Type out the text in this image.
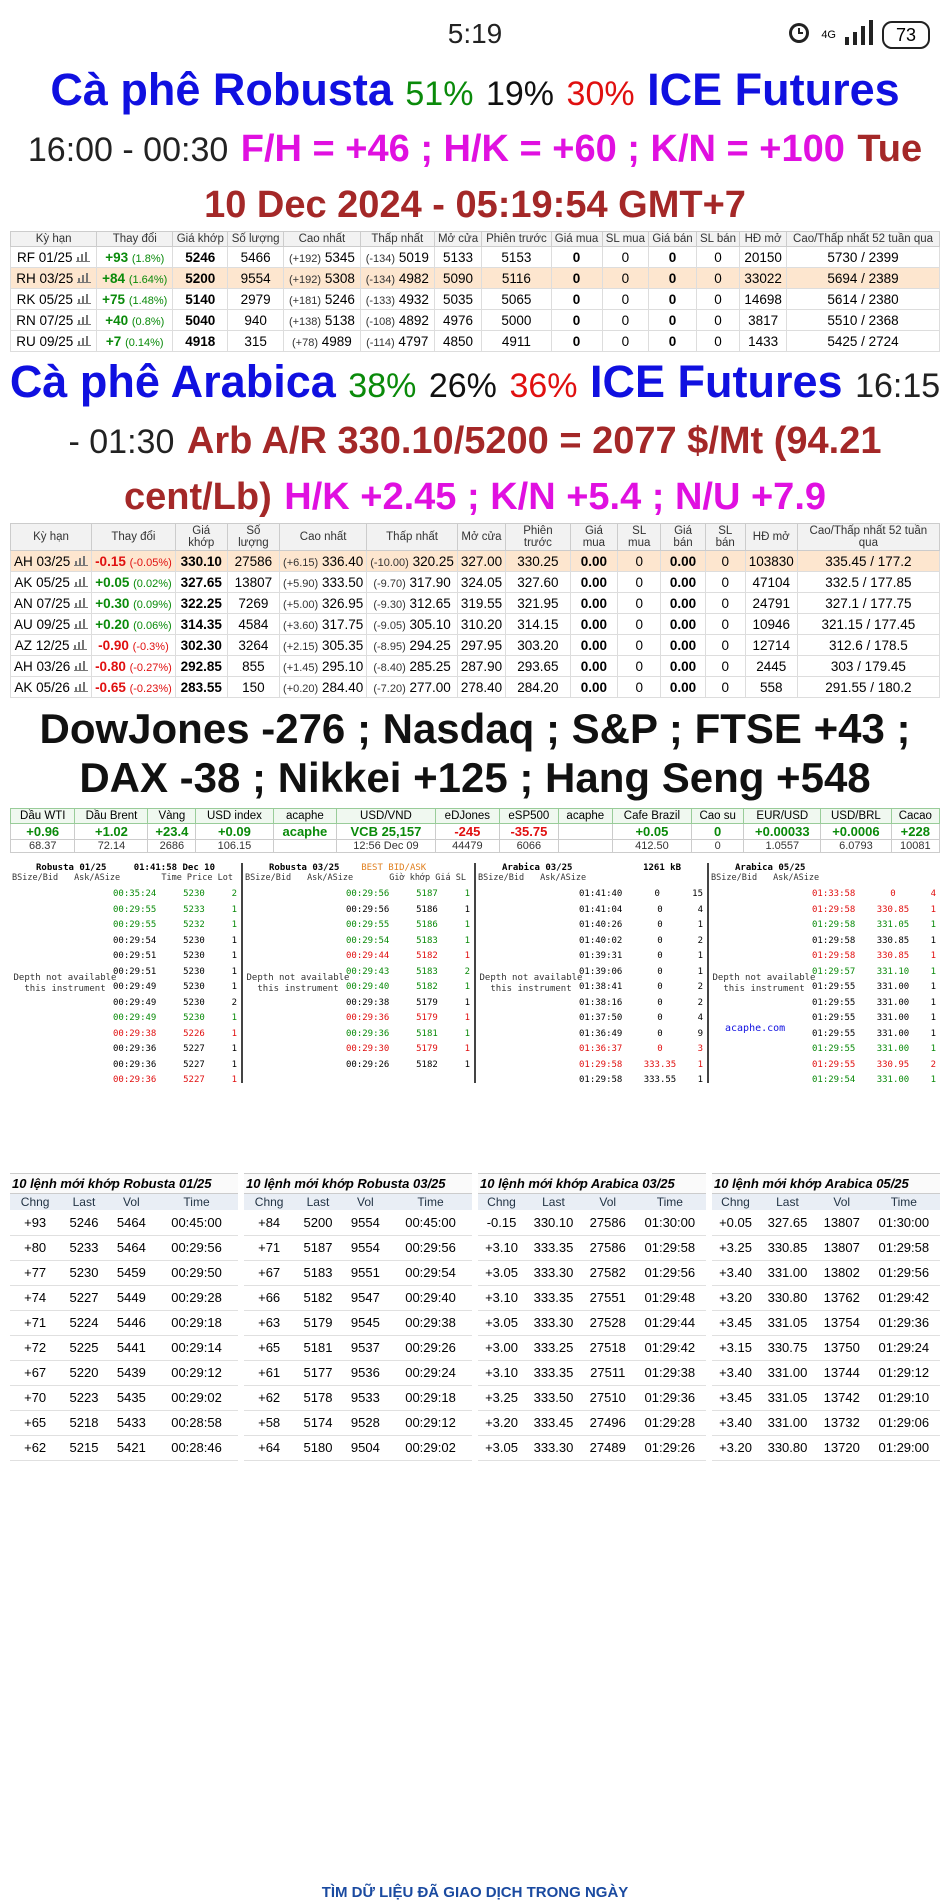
5:19	4G	73
Cà phê Robusta 51% 19% 30% ICE Futures 16:00 - 00:30 F/H = +46 ; H/K = +60 ; K/N = +100 Tue 10 Dec 2024 - 05:19:54 GMT+7
Kỳ hạn	Thay đổi	Giá khớp	Số lượng	Cao nhất	Thấp nhất	Mở cửa	Phiên trước	Giá mua	SL mua	Giá bán	SL bán	HĐ mở	Cao/Thấp nhất 52 tuần qua
RF 01/25	+93 (1.8%)	5246	5466	(+192) 5345	(-134) 5019	5133	5153	0	0	0	0	20150	5730 / 2399
RH 03/25	+84 (1.64%)	5200	9554	(+192) 5308	(-134) 4982	5090	5116	0	0	0	0	33022	5694 / 2389
RK 05/25	+75 (1.48%)	5140	2979	(+181) 5246	(-133) 4932	5035	5065	0	0	0	0	14698	5614 / 2380
RN 07/25	+40 (0.8%)	5040	940	(+138) 5138	(-108) 4892	4976	5000	0	0	0	0	3817	5510 / 2368
RU 09/25	+7 (0.14%)	4918	315	(+78) 4989	(-114) 4797	4850	4911	0	0	0	0	1433	5425 / 2724
Cà phê Arabica 38% 26% 36% ICE Futures 16:15 - 01:30 Arb A/R 330.10/5200 = 2077 $/Mt (94.21 cent/Lb) H/K +2.45 ; K/N +5.4 ; N/U +7.9
Kỳ hạn	Thay đổi	Giá khớp	Số lượng	Cao nhất	Thấp nhất	Mở cửa	Phiên trước	Giá mua	SL mua	Giá bán	SL bán	HĐ mở	Cao/Thấp nhất 52 tuần qua
AH 03/25	-0.15 (-0.05%)	330.10	27586	(+6.15) 336.40	(-10.00) 320.25	327.00	330.25	0.00	0	0.00	0	103830	335.45 / 177.2
AK 05/25	+0.05 (0.02%)	327.65	13807	(+5.90) 333.50	(-9.70) 317.90	324.05	327.60	0.00	0	0.00	0	47104	332.5 / 177.85
AN 07/25	+0.30 (0.09%)	322.25	7269	(+5.00) 326.95	(-9.30) 312.65	319.55	321.95	0.00	0	0.00	0	24791	327.1 / 177.75
AU 09/25	+0.20 (0.06%)	314.35	4584	(+3.60) 317.75	(-9.05) 305.10	310.20	314.15	0.00	0	0.00	0	10946	321.15 / 177.45
AZ 12/25	-0.90 (-0.3%)	302.30	3264	(+2.15) 305.35	(-8.95) 294.25	297.95	303.20	0.00	0	0.00	0	12714	312.6 / 178.5
AH 03/26	-0.80 (-0.27%)	292.85	855	(+1.45) 295.10	(-8.40) 285.25	287.90	293.65	0.00	0	0.00	0	2445	303 / 179.45
AK 05/26	-0.65 (-0.23%)	283.55	150	(+0.20) 284.40	(-7.20) 277.00	278.40	284.20	0.00	0	0.00	0	558	291.55 / 180.2
DowJones -276 ; Nasdaq ; S&P ; FTSE +43 ;
DAX -38 ; Nikkei +125 ; Hang Seng +548
Dầu WTI	Dầu Brent	Vàng	USD index	acaphe	USD/VND	eDJones	eSP500	acaphe	Cafe Brazil	Cao su	EUR/USD	USD/BRL	Cacao
+0.96	+1.02	+23.4	+0.09	acaphe	VCB 25,157	-245	-35.75		+0.05	0	+0.00033	+0.0006	+228
68.37	72.14	2686	106.15		12:56 Dec 09	44479	6066		412.50	0	1.0557	6.0793	10081
Robusta 01/25	01:41:58 Dec 10
BSize/Bid Ask/ASize	Time Price Lot
Depth not available this instrument
00:35:24	5230	2
00:29:55	5233	1
00:29:55	5232	1
00:29:54	5230	1
00:29:51	5230	1
00:29:51	5230	1
00:29:49	5230	1
00:29:49	5230	2
00:29:49	5230	1
00:29:38	5226	1
00:29:36	5227	1
00:29:36	5227	1
00:29:36	5227	1
Robusta 03/25 BEST BID/ASK
BSize/Bid Ask/ASize	Giờ khớp Giá SL
Depth not available this instrument
00:29:56	5187	1
00:29:56	5186	1
00:29:55	5186	1
00:29:54	5183	1
00:29:44	5182	1
00:29:43	5183	2
00:29:40	5182	1
00:29:38	5179	1
00:29:36	5179	1
00:29:36	5181	1
00:29:30	5179	1
00:29:26	5182	1
Arabica 03/25	1261 kB
BSize/Bid Ask/ASize
Depth not available this instrument
01:41:40	0	15
01:41:04	0	4
01:40:26	0	1
01:40:02	0	2
01:39:31	0	1
01:39:06	0	1
01:38:41	0	2
01:38:16	0	2
01:37:50	0	4
01:36:49	0	9
01:36:37	0	3
01:29:58 333.35 1
01:29:58 333.55 1
Arabica 05/25
BSize/Bid Ask/ASize
Depth not available this instrument
acaphe.com
01:33:58	0	4
01:29:58 330.85 1
01:29:58 331.05 1
01:29:58 330.85 1
01:29:58 330.85 1
01:29:57 331.10 1
01:29:55 331.00 1
01:29:55 331.00 1
01:29:55 331.00 1
01:29:55 331.00 1
01:29:55 331.00 1
01:29:55 330.95 2
01:29:54 331.00 1
10 lệnh mới khớp Robusta 01/25
Chng	Last	Vol	Time
+93	5246	5464	00:45:00
+80	5233	5464	00:29:56
+77	5230	5459	00:29:50
+74	5227	5449	00:29:28
+71	5224	5446	00:29:18
+72	5225	5441	00:29:14
+67	5220	5439	00:29:12
+70	5223	5435	00:29:02
+65	5218	5433	00:28:58
+62	5215	5421	00:28:46
10 lệnh mới khớp Robusta 03/25
Chng	Last	Vol	Time
+84	5200	9554	00:45:00
+71	5187	9554	00:29:56
+67	5183	9551	00:29:54
+66	5182	9547	00:29:40
+63	5179	9545	00:29:38
+65	5181	9537	00:29:26
+61	5177	9536	00:29:24
+62	5178	9533	00:29:18
+58	5174	9528	00:29:12
+64	5180	9504	00:29:02
10 lệnh mới khớp Arabica 03/25
Chng	Last	Vol	Time
-0.15	330.10	27586	01:30:00
+3.10	333.35	27586	01:29:58
+3.05	333.30	27582	01:29:56
+3.10	333.35	27551	01:29:48
+3.05	333.30	27528	01:29:44
+3.00	333.25	27518	01:29:42
+3.10	333.35	27511	01:29:38
+3.25	333.50	27510	01:29:36
+3.20	333.45	27496	01:29:28
+3.05	333.30	27489	01:29:26
10 lệnh mới khớp Arabica 05/25
Chng	Last	Vol	Time
+0.05	327.65	13807	01:30:00
+3.25	330.85	13807	01:29:58
+3.40	331.00	13802	01:29:56
+3.20	330.80	13762	01:29:42
+3.45	331.05	13754	01:29:36
+3.15	330.75	13750	01:29:24
+3.40	331.00	13744	01:29:12
+3.45	331.05	13742	01:29:10
+3.40	331.00	13732	01:29:06
+3.20	330.80	13720	01:29:00
TÌM DỮ LIỆU ĐÃ GIAO DỊCH TRONG NGÀY
